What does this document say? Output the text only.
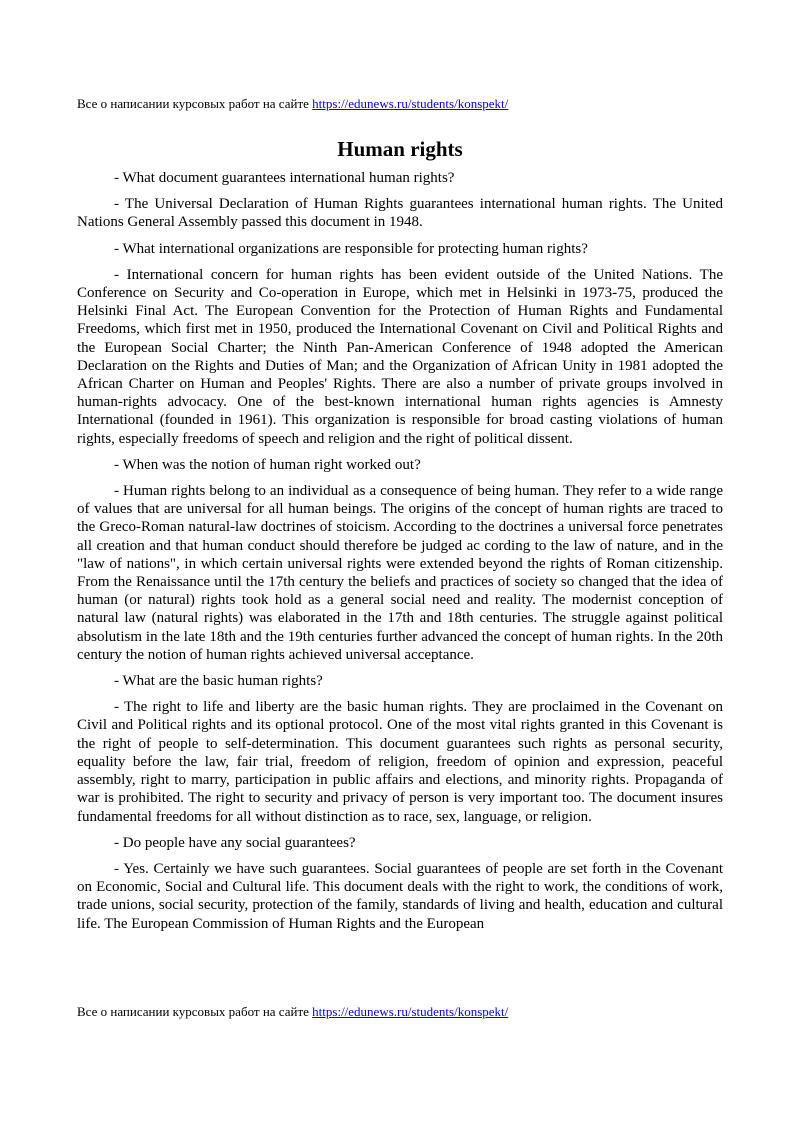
Все о написании курсовых работ на сайте https://edunews.ru/students/konspekt/
Human rights

- What document guarantees international human rights?

- The Universal Declaration of Human Rights guarantees international human rights. The United Nations General Assembly passed this document in 1948.

- What international organizations are responsible for protecting human rights?

- International concern for human rights has been evident outside of the United Nations. The Conference on Security and Co-operation in Europe, which met in Helsinki in 1973-75, produced the Helsinki Final Act. The European Convention for the Protection of Human Rights and Fundamental Freedoms, which first met in 1950, produced the International Covenant on Civil and Political Rights and the European Social Charter; the Ninth Pan-American Conference of 1948 adopted the American Declaration on the Rights and Duties of Man; and the Organization of African Unity in 1981 adopted the African Charter on Human and Peoples' Rights. There are also a number of private groups involved in human-rights advocacy. One of the best-known international human rights agencies is Amnesty International (founded in 1961). This organization is responsible for broad casting violations of human rights, especially freedoms of speech and religion and the right of political dissent.

- When was the notion of human right worked out?

- Human rights belong to an individual as a consequence of being human. They refer to a wide range of values that are universal for all human beings. The origins of the concept of human rights are traced to the Greco-Roman natural-law doctrines of stoicism. According to the doctrines a universal force penetrates all creation and that human conduct should therefore be judged ac cording to the law of nature, and in the "law of nations", in which certain universal rights were extended beyond the rights of Roman citizenship. From the Renaissance until the 17th century the beliefs and practices of society so changed that the idea of human (or natural) rights took hold as a general social need and reality. The modernist conception of natural law (natural rights) was elaborated in the 17th and 18th centuries. The struggle against political absolutism in the late 18th and the 19th centuries further advanced the concept of human rights. In the 20th century the notion of human rights achieved universal acceptance.

- What are the basic human rights?

- The right to life and liberty are the basic human rights. They are proclaimed in the Covenant on Civil and Political rights and its optional protocol. One of the most vital rights granted in this Covenant is the right of people to self-determination. This document guarantees such rights as personal security, equality before the law, fair trial, freedom of religion, freedom of opinion and expression, peaceful assembly, right to marry, participation in public affairs and elections, and minority rights. Propaganda of war is prohibited. The right to security and privacy of person is very important too. The document insures fundamental freedoms for all without distinction as to race, sex, language, or religion.

- Do people have any social guarantees?

- Yes. Certainly we have such guarantees. Social guarantees of people are set forth in the Covenant on Economic, Social and Cultural life. This document deals with the right to work, the conditions of work, trade unions, social security, protection of the family, standards of living and health, education and cultural life. The European Commission of Human Rights and the European

Все о написании курсовых работ на сайте https://edunews.ru/students/konspekt/
